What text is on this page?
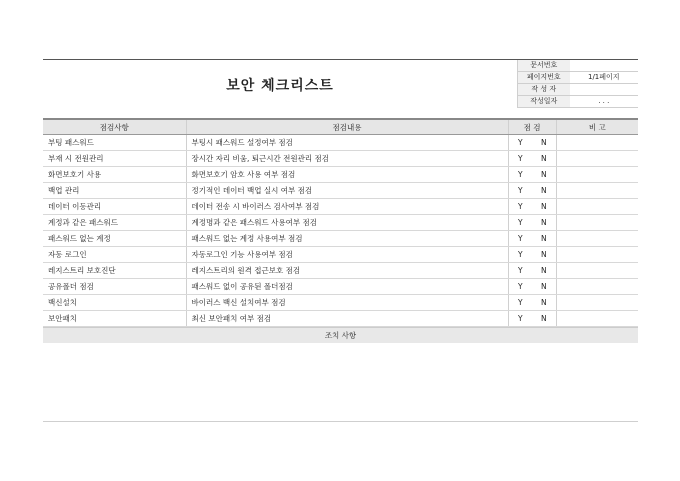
보안 체크리스트
문서번호	
페이지번호	1/1페이지
작 성 자	
작성일자	. . .
점검사항	점검내용	점 검		비 고
부팅 패스워드	부팅시 패스워드 설정여부 점검	Y	N	
부재 시 전원관리	장시간 자리 비움, 퇴근시간 전원관리 점검	Y	N	
화면보호기 사용	화면보호기 암호 사용 여부 점검	Y	N	
백업 관리	정기적인 데이터 백업 실시 여부 점검	Y	N	
데이터 이동관리	데이터 전송 시 바이러스 검사여부 점검	Y	N	
계정과 같은 패스워드	계정명과 같은 패스워드 사용여부 점검	Y	N	
패스워드 없는 계정	패스워드 없는 계정 사용여부 점검	Y	N	
자동 로그인	자동로그인 기능 사용여부 점검	Y	N	
레지스트리 보호진단	레지스트리의 원격 접근보호 점검	Y	N	
공유폴더 점검	패스워드 없이 공유된 폴더점검	Y	N	
백신설치	바이러스 백신 설치여부 점검	Y	N	
보안패치	최신 보안패치 여부 점검	Y	N	
조치 사항
